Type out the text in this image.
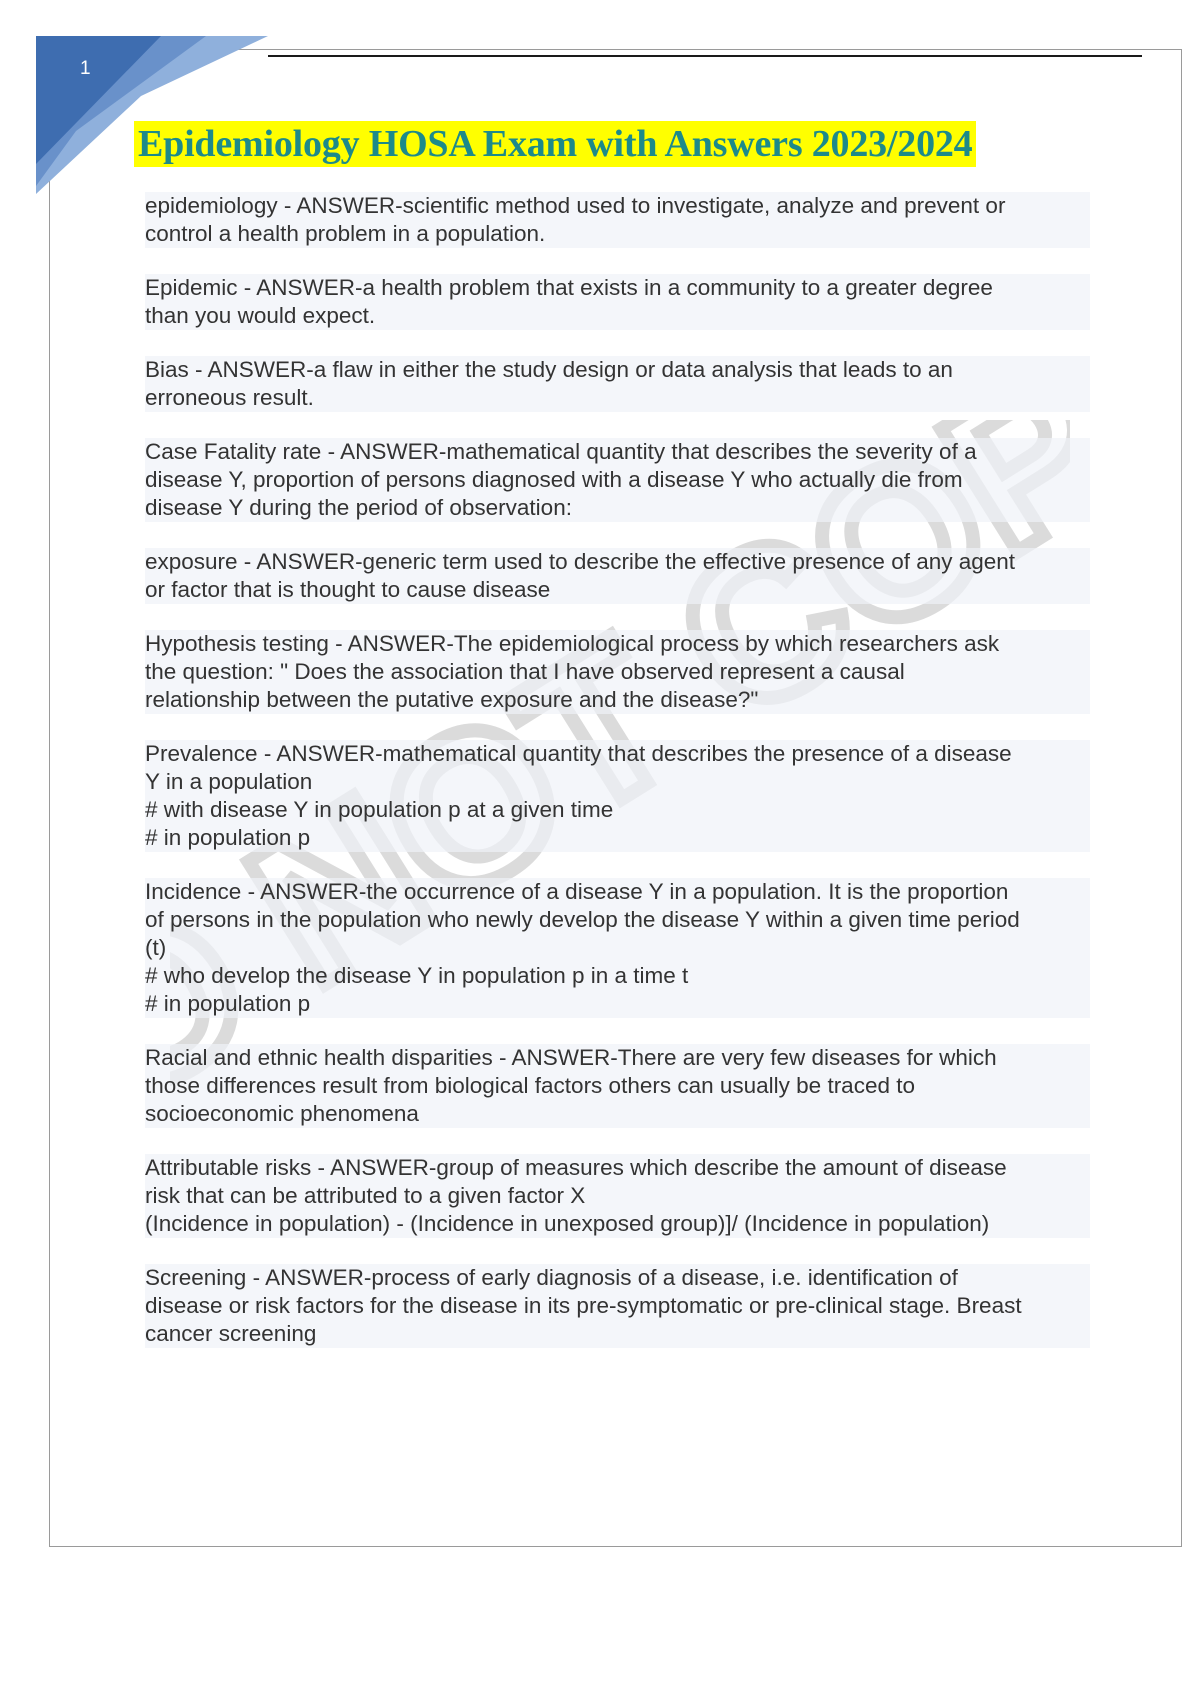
1
Epidemiology HOSA Exam with Answers 2023/2024
epidemiology - ANSWER-scientific method used to investigate, analyze and prevent or
control a health problem in a population.
Epidemic - ANSWER-a health problem that exists in a community to a greater degree
than you would expect.
Bias - ANSWER-a flaw in either the study design or data analysis that leads to an
erroneous result.
Case Fatality rate - ANSWER-mathematical quantity that describes the severity of a
disease Y, proportion of persons diagnosed with a disease Y who actually die from
disease Y during the period of observation:
exposure - ANSWER-generic term used to describe the effective presence of any agent
or factor that is thought to cause disease
Hypothesis testing - ANSWER-The epidemiological process by which researchers ask
the question: " Does the association that I have observed represent a causal
relationship between the putative exposure and the disease?"
Prevalence - ANSWER-mathematical quantity that describes the presence of a disease
Y in a population
# with disease Y in population p at a given time
# in population p
Incidence - ANSWER-the occurrence of a disease Y in a population. It is the proportion
of persons in the population who newly develop the disease Y within a given time period
(t)
# who develop the disease Y in population p in a time t
# in population p
Racial and ethnic health disparities - ANSWER-There are very few diseases for which
those differences result from biological factors others can usually be traced to
socioeconomic phenomena
Attributable risks - ANSWER-group of measures which describe the amount of disease
risk that can be attributed to a given factor X
(Incidence in population) - (Incidence in unexposed group)]/ (Incidence in population)
Screening - ANSWER-process of early diagnosis of a disease, i.e. identification of
disease or risk factors for the disease in its pre-symptomatic or pre-clinical stage. Breast
cancer screening
